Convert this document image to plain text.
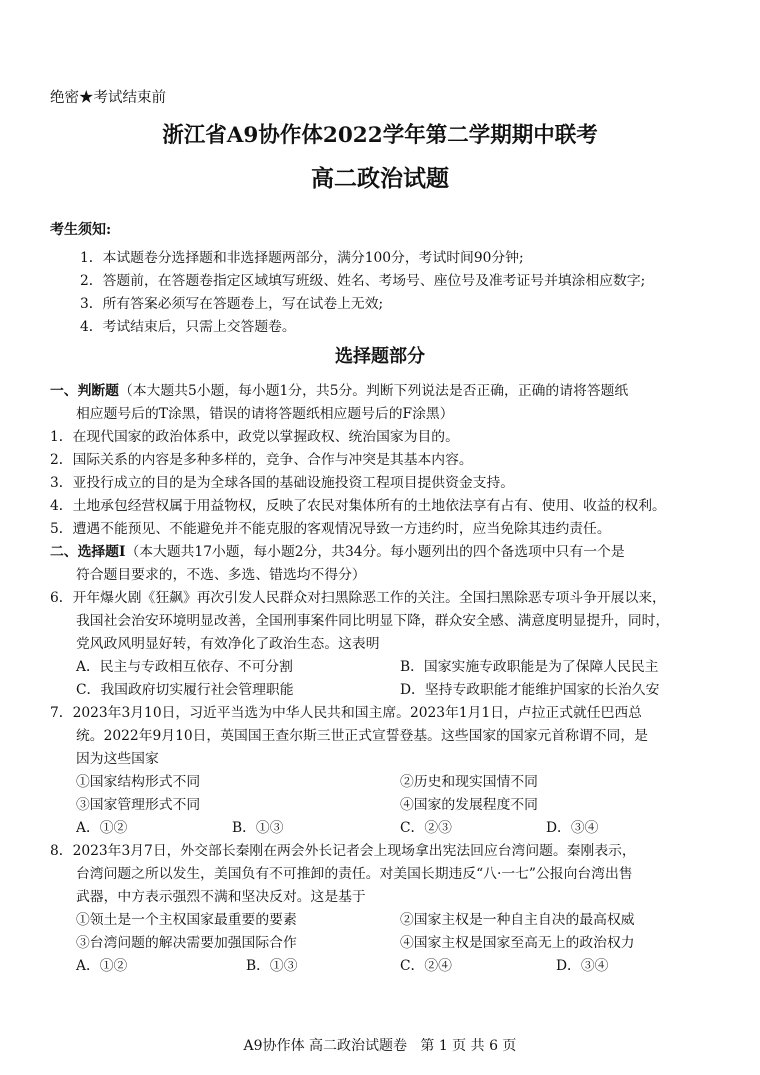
绝密★考试结束前
浙江省A9协作体2022学年第二学期期中联考
高二政治试题
考生须知:
1．本试题卷分选择题和非选择题两部分，满分100分，考试时间90分钟;
2．答题前，在答题卷指定区域填写班级、姓名、考场号、座位号及准考证号并填涂相应数字;
3．所有答案必须写在答题卷上，写在试卷上无效;
4．考试结束后，只需上交答题卷。
选择题部分
一、判断题（本大题共5小题，每小题1分，共5分。判断下列说法是否正确，正确的请将答题纸
相应题号后的T涂黑，错误的请将答题纸相应题号后的F涂黑）
1．在现代国家的政治体系中，政党以掌握政权、统治国家为目的。
2．国际关系的内容是多种多样的，竞争、合作与冲突是其基本内容。
3．亚投行成立的目的是为全球各国的基础设施投资工程项目提供资金支持。
4．土地承包经营权属于用益物权，反映了农民对集体所有的土地依法享有占有、使用、收益的权利。
5．遭遇不能预见、不能避免并不能克服的客观情况导致一方违约时，应当免除其违约责任。
二、选择题Ⅰ（本大题共17小题，每小题2分，共34分。每小题列出的四个备选项中只有一个是
符合题目要求的，不选、多选、错选均不得分）
6．开年爆火剧《狂飙》再次引发人民群众对扫黑除恶工作的关注。全国扫黑除恶专项斗争开展以来，
我国社会治安环境明显改善，全国刑事案件同比明显下降，群众安全感、满意度明显提升，同时，
党风政风明显好转，有效净化了政治生态。这表明
A．民主与专政相互依存、不可分割	B．国家实施专政职能是为了保障人民民主
C．我国政府切实履行社会管理职能	D．坚持专政职能才能维护国家的长治久安
7．2023年3月10日，习近平当选为中华人民共和国主席。2023年1月1日，卢拉正式就任巴西总
统。2022年9月10日，英国国王查尔斯三世正式宣誓登基。这些国家的国家元首称谓不同，是
因为这些国家
①国家结构形式不同	②历史和现实国情不同
③国家管理形式不同	④国家的发展程度不同
A．①②	B．①③	C．②③	D．③④
8．2023年3月7日，外交部长秦刚在两会外长记者会上现场拿出宪法回应台湾问题。秦刚表示，
台湾问题之所以发生，美国负有不可推卸的责任。对美国长期违反“八·一七”公报向台湾出售
武器，中方表示强烈不满和坚决反对。这是基于
①领土是一个主权国家最重要的要素	②国家主权是一种自主自决的最高权威
③台湾问题的解决需要加强国际合作	④国家主权是国家至高无上的政治权力
A．①②	B．①③	C．②④	D．③④
A9协作体 高二政治试题卷   第 1 页 共 6 页
